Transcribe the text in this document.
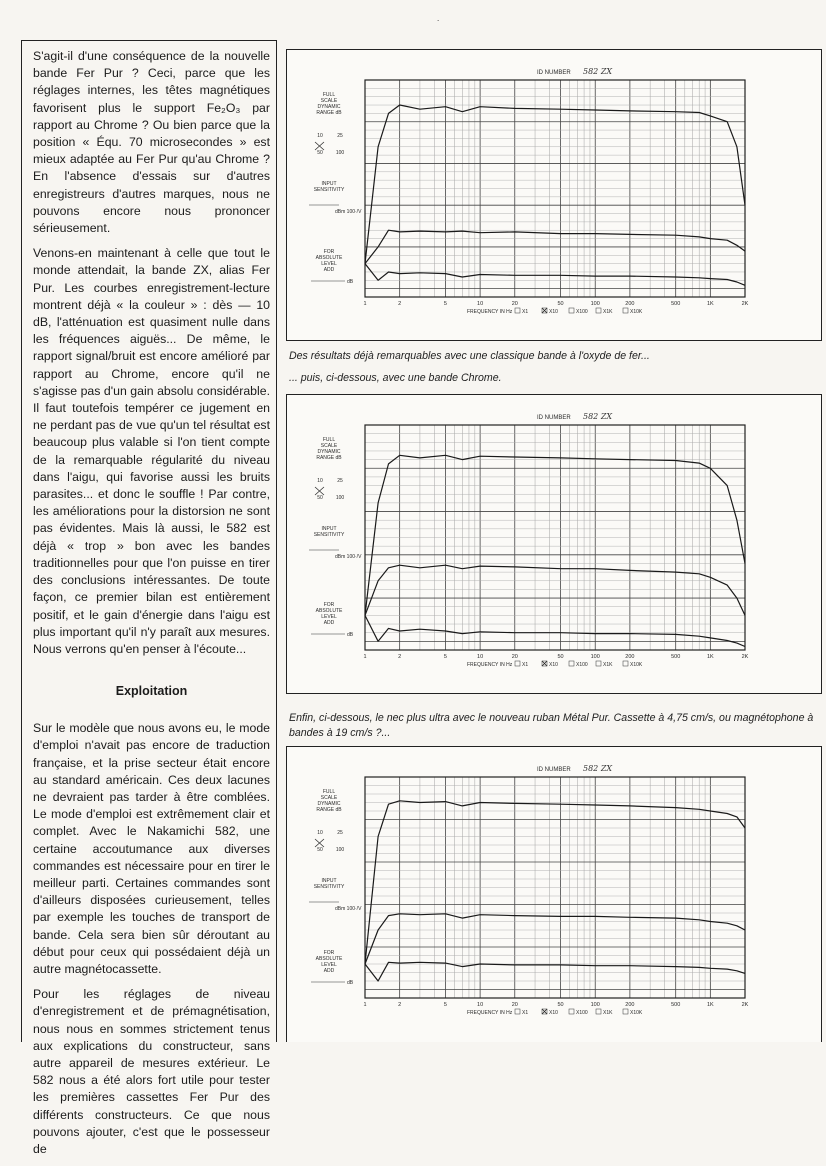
.

S'agit-il d'une conséquence de la nouvelle bande Fer Pur ? Ceci, parce que les réglages internes, les têtes magnétiques favorisent plus le support Fe₂O₃ par rapport au Chrome ? Ou bien parce que la position « Équ. 70 microsecondes » est mieux adaptée au Fer Pur qu'au Chrome ? En l'absence d'essais sur d'autres enregistreurs d'autres marques, nous ne pouvons encore nous prononcer sérieusement.

Venons-en maintenant à celle que tout le monde attendait, la bande ZX, alias Fer Pur. Les courbes enregistrement-lecture montrent déjà « la couleur » : dès — 10 dB, l'atténuation est quasiment nulle dans les fréquences aiguës... De même, le rapport signal/bruit est encore amélioré par rapport au Chrome, encore qu'il ne s'agisse pas d'un gain absolu considérable. Il faut toutefois tempérer ce jugement en ne perdant pas de vue qu'un tel résultat est beaucoup plus valable si l'on tient compte de la remarquable régularité du niveau dans l'aigu, qui favorise aussi les bruits parasites... et donc le souffle ! Par contre, les améliorations pour la distorsion ne sont pas évidentes. Mais là aussi, le 582 est déjà « trop » bon avec les bandes traditionnelles pour que l'on puisse en tirer des conclusions intéressantes. De toute façon, ce premier bilan est entièrement positif, et le gain d'énergie dans l'aigu est plus important qu'il n'y paraît aux mesures. Nous verrons qu'en penser à l'écoute...

Exploitation

Sur le modèle que nous avons eu, le mode d'emploi n'avait pas encore de traduction française, et la prise secteur était encore au standard américain. Ces deux lacunes ne devraient pas tarder à être comblées. Le mode d'emploi est extrêmement clair et complet. Avec le Nakamichi 582, une certaine accoutumance aux diverses commandes est nécessaire pour en tirer le meilleur parti. Certaines commandes sont d'ailleurs disposées curieusement, telles par exemple les touches de transport de bande. Cela sera bien sûr déroutant au début pour ceux qui possédaient déjà un autre magnétocassette.

Pour les réglages de niveau d'enregistrement et de prémagnétisation, nous nous en sommes strictement tenus aux explications du constructeur, sans autre appareil de mesures extérieur. Le 582 nous a été alors fort utile pour tester les premières cassettes Fer Pur des différents constructeurs. Ce que nous pouvons ajouter, c'est que le possesseur de

ID NUMBER 582 ZX
FULL
SCALE
DYNAMIC
RANGE dB
10	25
50	100
INPUT
SENSITIVITY
dBm 100·/V
FOR
ABSOLUTE
LEVEL
ADD
dB
1	2	5	10	20	50	100	200	500	1K	2K
FREQUENCY IN Hz X1	X10	X100	X1K	X10K
Des résultats déjà remarquables avec une classique bande à l'oxyde de fer...
... puis, ci-dessous, avec une bande Chrome.
ID NUMBER 582 ZX
FULL
SCALE
DYNAMIC
RANGE dB
10	25
50	100
INPUT
SENSITIVITY
dBm 100·/V
FOR
ABSOLUTE
LEVEL
ADD
dB
1	2	5	10	20	50	100	200	500	1K	2K
FREQUENCY IN Hz X1	X10	X100	X1K	X10K
Enfin, ci-dessous, le nec plus ultra avec le nouveau ruban Métal Pur. Cassette à 4,75 cm/s, ou magnétophone à bandes à 19 cm/s ?...
ID NUMBER 582 ZX
FULL
SCALE
DYNAMIC
RANGE dB
10	25
50	100
INPUT
SENSITIVITY
dBm 100·/V
FOR
ABSOLUTE
LEVEL
ADD
dB
1	2	5	10	20	50	100	200	500	1K	2K
FREQUENCY IN Hz X1	X10	X100	X1K	X10K
